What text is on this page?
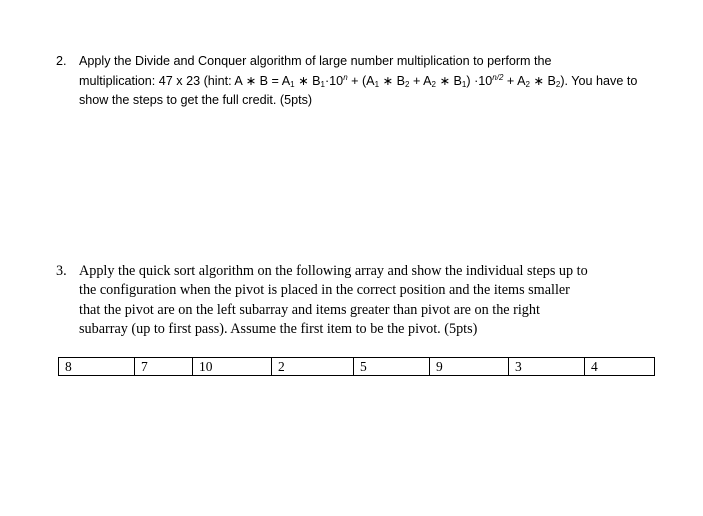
2. Apply the Divide and Conquer algorithm of large number multiplication to perform the
multiplication: 47 x 23 (hint: A ∗ $B = A_1$ ∗ $B_1\cdot 10^n + (A_1$ ∗ $B_2 + A_2$ ∗ $B_1) \cdot 10^{n/2} + A_2$ ∗ $B_2$). You have to
show the steps to get the full credit. (5pts)
3. Apply the quick sort algorithm on the following array and show the individual steps up to
the configuration when the pivot is placed in the correct position and the items smaller
that the pivot are on the left subarray and items greater than pivot are on the right
subarray (up to first pass). Assume the first item to be the pivot. (5pts)
8	7	10	2	5	9	3	4
